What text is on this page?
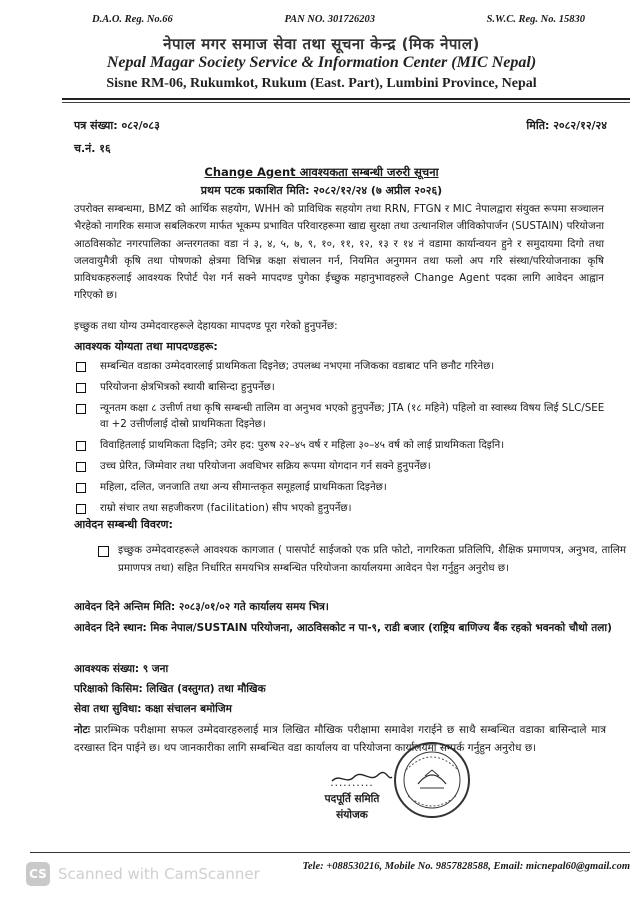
D.A.O. Reg. No.66	PAN NO. 301726203	S.W.C. Reg. No. 15830
नेपाल मगर समाज सेवा तथा सूचना केन्द्र (मिक नेपाल)
Nepal Magar Society Service & Information Center (MIC Nepal)
Sisne RM-06, Rukumkot, Rukum (East. Part), Lumbini Province, Nepal
पत्र संख्या: ०८२/०८३	मिति: २०८२/१२/२४
च.नं. १६
Change Agent आवश्यकता सम्बन्धी जरुरी सूचना
प्रथम पटक प्रकाशित मिति: २०८२/१२/२४ (७ अप्रील २०२६)
उपरोक्त सम्बन्धमा, BMZ को आर्थिक सहयोग, WHH को प्राविधिक सहयोग तथा RRN, FTGN र MIC नेपालद्वारा संयुक्त रूपमा सञ्चालन भैरहेको नागरिक समाज सबलिकरण मार्फत भूकम्प प्रभावित परिवारहरूमा खाद्य सुरक्षा तथा उत्थानशिल जीविकोपार्जन (SUSTAIN) परियोजना आठविसकोट नगरपालिका अन्तरगतका वडा नं ३, ४, ५, ७, ९, १०, ११, १२, १३ र १४ नं वडामा कार्यान्वयन हुने र समुदायमा दिगो तथा जलवायुमैत्री कृषि तथा पोषणको क्षेत्रमा विभिन्न कक्षा संचालन गर्न, नियमित अनुगमन तथा फलो अप गरि संस्था/परियोजनाका कृषि प्राविधकहरुलाई आवश्यक रिपोर्ट पेश गर्न सक्ने मापदण्ड पुगेका ईच्छुक महानुभावहरुले Change Agent पदका लागि आवेदन आह्वान गरिएको छ।
इच्छुक तथा योग्य उम्मेदवारहरूले देहायका मापदण्ड पूरा गरेको हुनुपर्नेछ:
आवश्यक योग्यता तथा मापदण्डहरू:
सम्बन्धित वडाका उम्मेदवारलाई प्राथमिकता दिइनेछ; उपलब्ध नभएमा नजिकका वडाबाट पनि छनौट गरिनेछ।
परियोजना क्षेत्रभित्रको स्थायी बासिन्दा हुनुपर्नेछ।
न्यूनतम कक्षा ८ उत्तीर्ण तथा कृषि सम्बन्धी तालिम वा अनुभव भएको हुनुपर्नेछ; JTA (१८ महिने) पहिलो वा स्वास्थ्य विषय लिई SLC/SEE वा +2 उत्तीर्णलाई दोस्रो प्राथमिकता दिइनेछ।
विवाहितलाई प्राथमिकता दिइनि; उमेर हद: पुरुष २२–४५ वर्ष र महिला ३०–४५ वर्ष को लाई प्राथमिकता दिइनि।
उच्च प्रेरित, जिम्मेवार तथा परियोजना अवधिभर सक्रिय रूपमा योगदान गर्न सक्ने हुनुपर्नेछ।
महिला, दलित, जनजाति तथा अन्य सीमान्तकृत समूहलाई प्राथमिकता दिइनेछ।
राम्रो संचार तथा सहजीकरण (facilitation) सीप भएको हुनुपर्नेछ।
आवेदन सम्बन्धी विवरण:
इच्छुक उम्मेदवारहरूले आवश्यक कागजात ( पासपोर्ट साईजको एक प्रति फोटो, नागरिकता प्रतिलिपि, शैक्षिक प्रमाणपत्र, अनुभव, तालिम प्रमाणपत्र तथा) सहित निर्धारित समयभित्र सम्बन्धित परियोजना कार्यालयमा आवेदन पेश गर्नुहुन अनुरोध छ।
आवेदन दिने अन्तिम मिति: २०८३/०१/०२ गते कार्यालय समय भित्र।
आवेदन दिने स्थान: मिक नेपाल/SUSTAIN परियोजना, आठविसकोट न पा-९, राडी बजार (राष्ट्रिय बाणिज्य बैंक रहको भवनको चौथो तला)
आवश्यक संख्या: ९ जना
परिक्षाको किसिम: लिखित (वस्तुगत) तथा मौखिक
सेवा तथा सुविधा: कक्षा संचालन बमोजिम
नोटः प्रारम्भिक परीक्षामा सफल उम्मेदवारहरुलाई मात्र लिखित मौखिक परीक्षामा समावेश गराईने छ साथै सम्बन्धित वडाका बासिन्दाले मात्र दरखास्त दिन पाईने छ। थप जानकारीका लागि सम्बन्धित वडा कार्यालय वा परियोजना कार्यालयमा सम्पर्क गर्नुहुन अनुरोध छ।
..........
पदपूर्ति समिति
संयोजक
Tele: +088530216, Mobile No. 9857828588, Email: micnepal60@gmail.com
CS Scanned with CamScanner
